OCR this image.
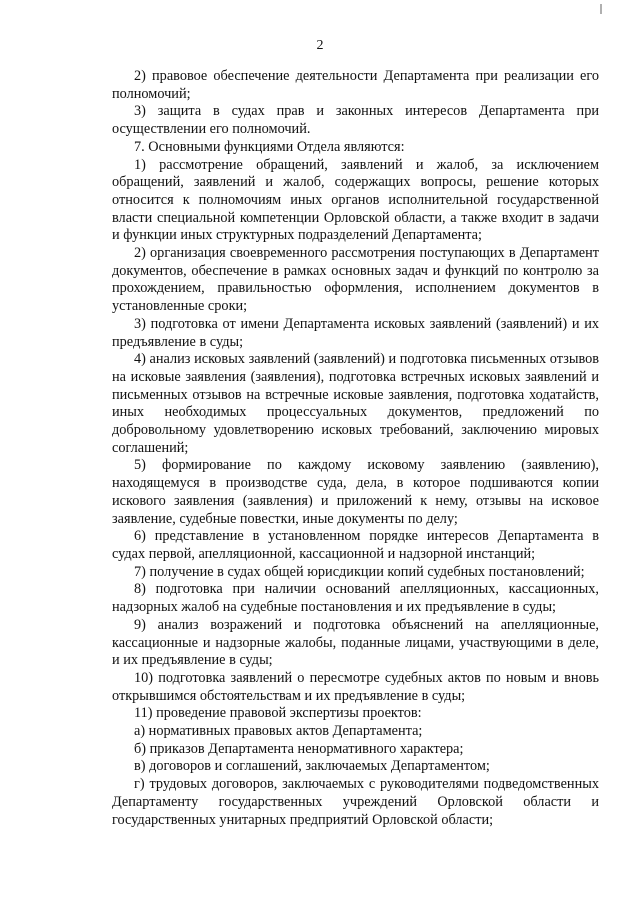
2

2) правовое обеспечение деятельности Департамента при реализации его полномочий;

3) защита в судах прав и законных интересов Департамента при осуществлении его полномочий.

7. Основными функциями Отдела являются:

1) рассмотрение обращений, заявлений и жалоб, за исключением обращений, заявлений и жалоб, содержащих вопросы, решение которых относится к полномочиям иных органов исполнительной государственной власти специальной компетенции Орловской области, а также входит в задачи и функции иных структурных подразделений Департамента;

2) организация своевременного рассмотрения поступающих в Департамент документов, обеспечение в рамках основных задач и функций по контролю за прохождением, правильностью оформления, исполнением документов в установленные сроки;

3) подготовка от имени Департамента исковых заявлений (заявлений) и их предъявление в суды;

4) анализ исковых заявлений (заявлений) и подготовка письменных отзывов на исковые заявления (заявления), подготовка встречных исковых заявлений и письменных отзывов на встречные исковые заявления, подготовка ходатайств, иных необходимых процессуальных документов, предложений по добровольному удовлетворению исковых требований, заключению мировых соглашений;

5) формирование по каждому исковому заявлению (заявлению), находящемуся в производстве суда, дела, в которое подшиваются копии искового заявления (заявления) и приложений к нему, отзывы на исковое заявление, судебные повестки, иные документы по делу;

6) представление в установленном порядке интересов Департамента в судах первой, апелляционной, кассационной и надзорной инстанций;

7) получение в судах общей юрисдикции копий судебных постановлений;

8) подготовка при наличии оснований апелляционных, кассационных, надзорных жалоб на судебные постановления и их предъявление в суды;

9) анализ возражений и подготовка объяснений на апелляционные, кассационные и надзорные жалобы, поданные лицами, участвующими в деле, и их предъявление в суды;

10) подготовка заявлений о пересмотре судебных актов по новым и вновь открывшимся обстоятельствам и их предъявление в суды;

11) проведение правовой экспертизы проектов:

а) нормативных правовых актов Департамента;

б) приказов Департамента ненормативного характера;

в) договоров и соглашений, заключаемых Департаментом;

г) трудовых договоров, заключаемых с руководителями подведомственных Департаменту государственных учреждений Орловской области и государственных унитарных предприятий Орловской области;
